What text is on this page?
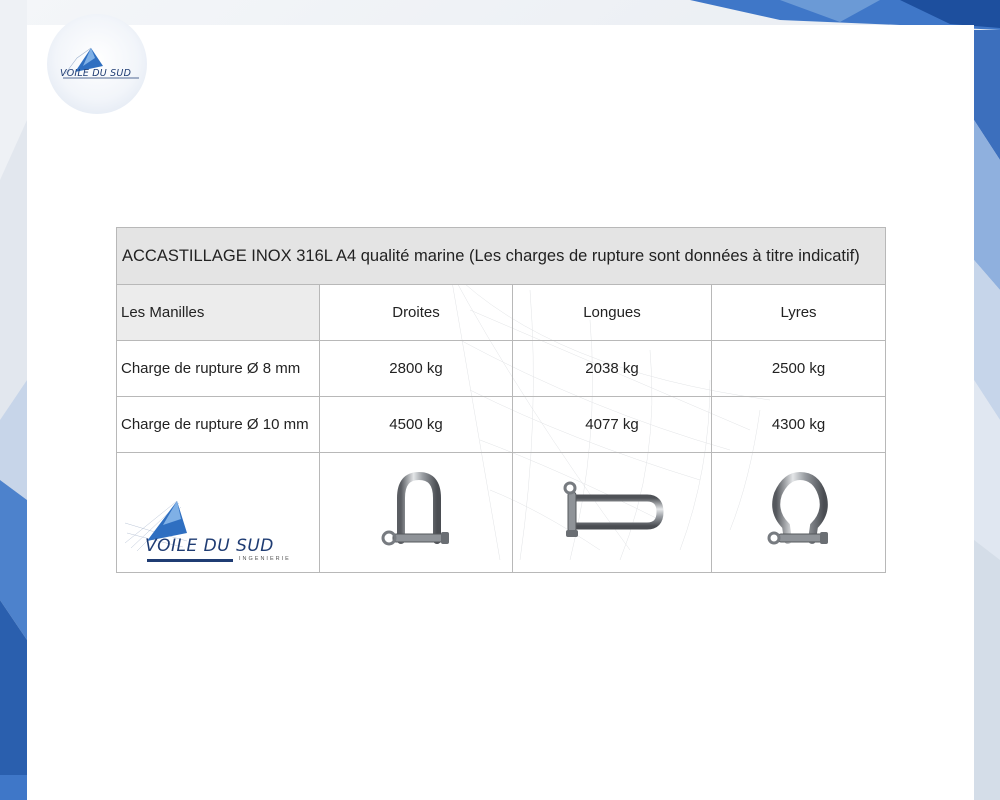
VOILE DU SUD
ACCASTILLAGE INOX 316L A4 qualité marine (Les charges de rupture sont données à titre indicatif)			
Les Manilles	Droites	Longues	Lyres
Charge de rupture Ø 8 mm	2800 kg	2038 kg	2500 kg
Charge de rupture Ø 10 mm	4500 kg	4077 kg	4300 kg

VOILE DU SUD
INGENIERIE
